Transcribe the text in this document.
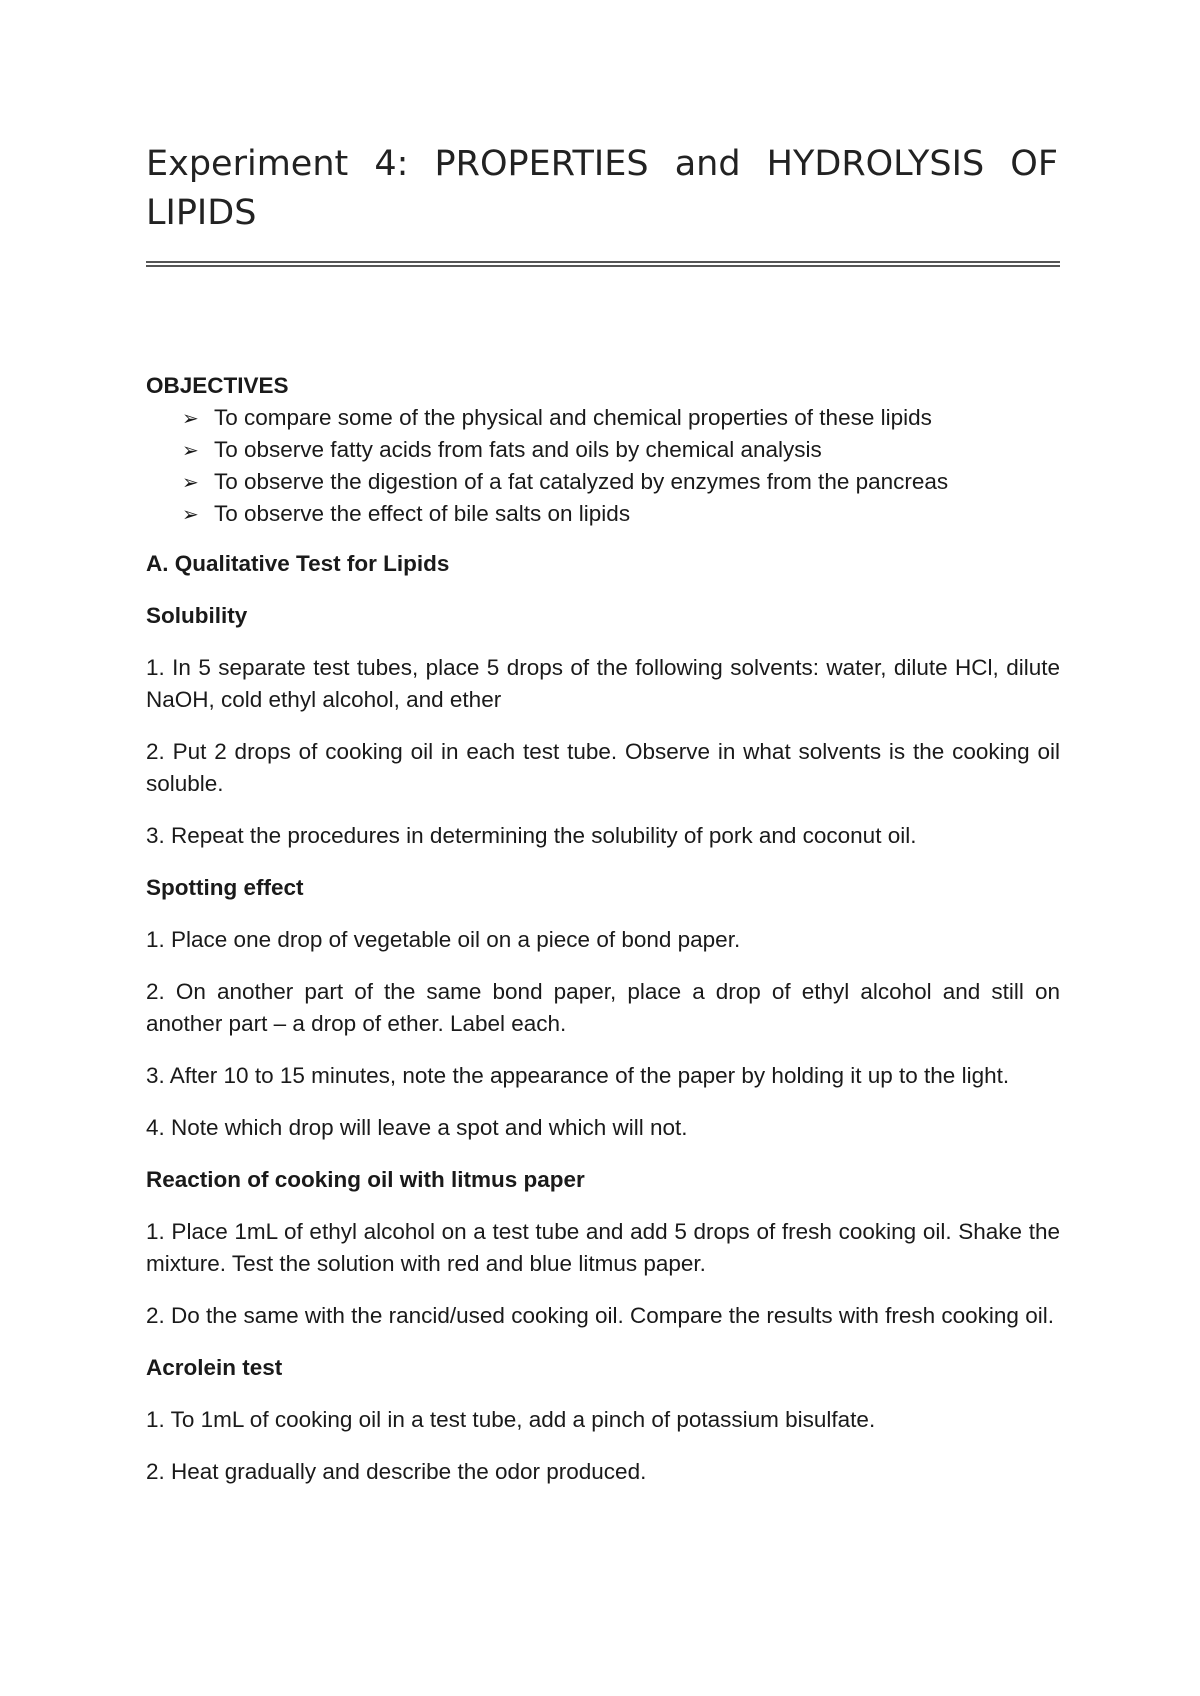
Experiment 4: PROPERTIES and HYDROLYSIS OF LIPIDS
OBJECTIVES
➢ To compare some of the physical and chemical properties of these lipids
➢ To observe fatty acids from fats and oils by chemical analysis
➢ To observe the digestion of a fat catalyzed by enzymes from the pancreas
➢ To observe the effect of bile salts on lipids
A. Qualitative Test for Lipids
Solubility

1. In 5 separate test tubes, place 5 drops of the following solvents: water, dilute HCl, dilute NaOH, cold ethyl alcohol, and ether

2. Put 2 drops of cooking oil in each test tube. Observe in what solvents is the cooking oil soluble.

3. Repeat the procedures in determining the solubility of pork and coconut oil.

Spotting effect

1. Place one drop of vegetable oil on a piece of bond paper.

2. On another part of the same bond paper, place a drop of ethyl alcohol and still on another part – a drop of ether. Label each.

3. After 10 to 15 minutes, note the appearance of the paper by holding it up to the light.

4. Note which drop will leave a spot and which will not.

Reaction of cooking oil with litmus paper

1. Place 1mL of ethyl alcohol on a test tube and add 5 drops of fresh cooking oil. Shake the mixture. Test the solution with red and blue litmus paper.

2. Do the same with the rancid/used cooking oil. Compare the results with fresh cooking oil.

Acrolein test

1. To 1mL of cooking oil in a test tube, add a pinch of potassium bisulfate.

2. Heat gradually and describe the odor produced.
